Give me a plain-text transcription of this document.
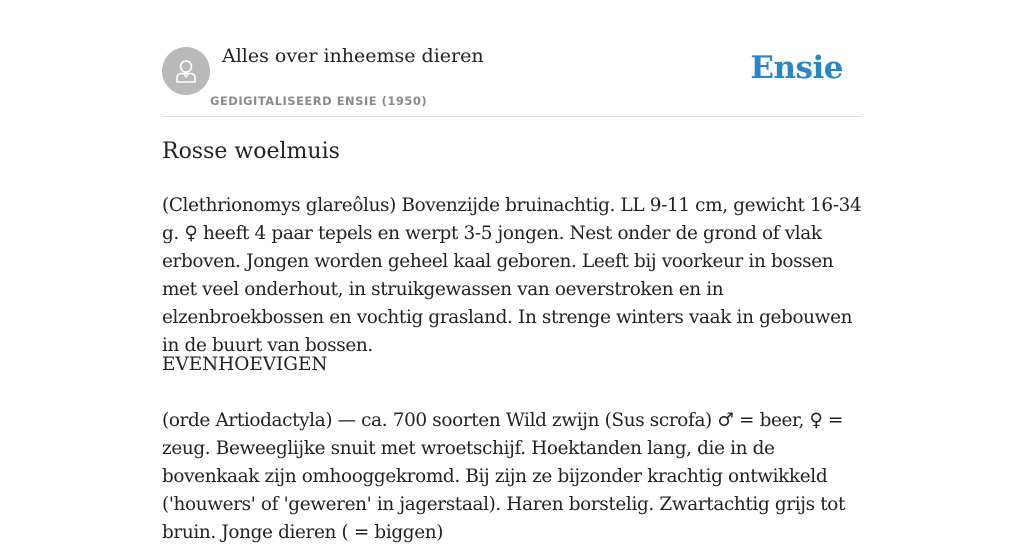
Alles over inheemse dieren
GEDIGITALISEERD ENSIE (1950)
Ensie
Rosse woelmuis

(Clethrionomys glareôlus) Bovenzijde bruinachtig. LL 9-11 cm, gewicht 16-34 g. ♀ heeft 4 paar tepels en werpt 3-5 jongen. Nest onder de grond of vlak erboven. Jongen worden geheel kaal geboren. Leeft bij voorkeur in bossen met veel onderhout, in struikgewassen van oeverstroken en in elzenbroekbossen en vochtig grasland. In strenge winters vaak in gebouwen in de buurt van bossen.

EVENHOEVIGEN

(orde Artiodactyla) — ca. 700 soorten Wild zwijn (Sus scrofa) ♂ = beer, ♀ = zeug. Beweeglijke snuit met wroetschijf. Hoektanden lang, die in de bovenkaak zijn omhooggekromd. Bij zijn ze bijzonder krachtig ontwikkeld ('houwers' of 'geweren' in jagerstaal). Haren borstelig. Zwartachtig grijs tot bruin. Jonge dieren ( = biggen)
